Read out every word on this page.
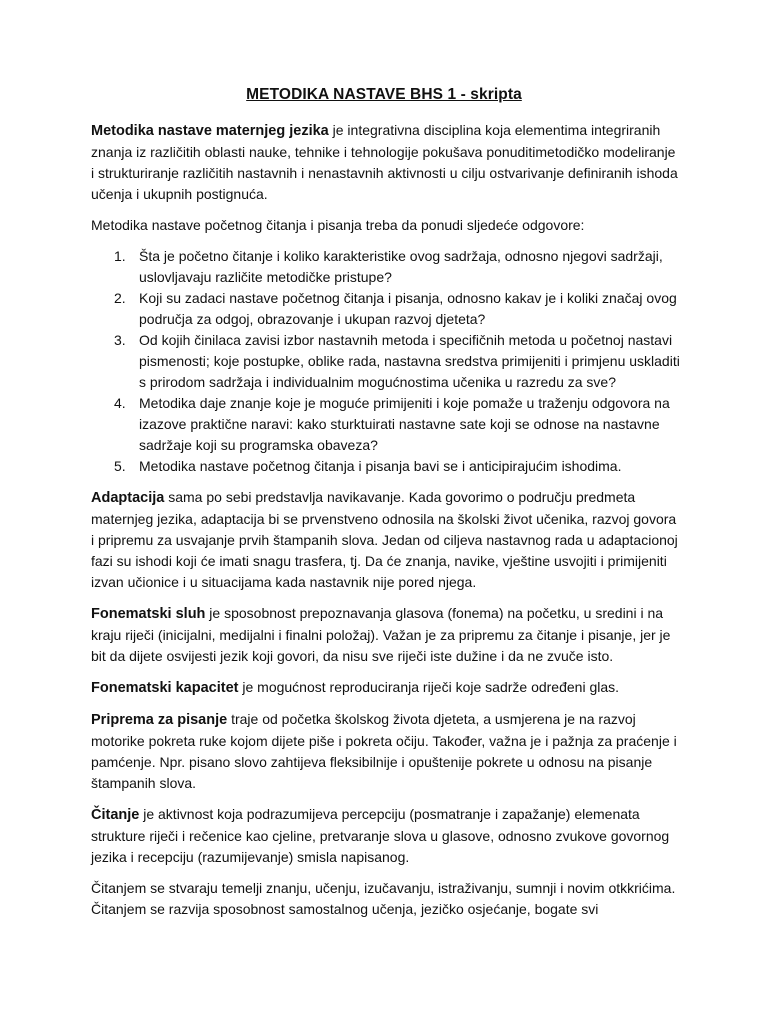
METODIKA NASTAVE BHS 1 - skripta

Metodika nastave maternjeg jezika je integrativna disciplina koja elementima integriranih znanja iz različitih oblasti nauke, tehnike i tehnologije pokušava ponuditimetodičko modeliranje i strukturiranje različitih nastavnih i nenastavnih aktivnosti u cilju ostvarivanje definiranih ishoda učenja i ukupnih postignuća.

Metodika nastave početnog čitanja i pisanja treba da ponudi sljedeće odgovore:

1. Šta je početno čitanje i koliko karakteristike ovog sadržaja, odnosno njegovi sadržaji, uslovljavaju različite metodičke pristupe?
2. Koji su zadaci nastave početnog čitanja i pisanja, odnosno kakav je i koliki značaj ovog područja za odgoj, obrazovanje i ukupan razvoj djeteta?
3. Od kojih činilaca zavisi izbor nastavnih metoda i specifičnih metoda u početnoj nastavi pismenosti; koje postupke, oblike rada, nastavna sredstva primijeniti i primjenu uskladiti s prirodom sadržaja i individualnim mogućnostima učenika u razredu za sve?
4. Metodika daje znanje koje je moguće primijeniti i koje pomaže u traženju odgovora na izazove praktične naravi: kako sturktuirati nastavne sate koji se odnose na nastavne sadržaje koji su programska obaveza?
5. Metodika nastave početnog čitanja i pisanja bavi se i anticipirajućim ishodima.

Adaptacija sama po sebi predstavlja navikavanje. Kada govorimo o području predmeta maternjeg jezika, adaptacija bi se prvenstveno odnosila na školski život učenika, razvoj govora i pripremu za usvajanje prvih štampanih slova. Jedan od ciljeva nastavnog rada u adaptacionoj fazi su ishodi koji će imati snagu trasfera, tj. Da će znanja, navike, vještine usvojiti i primijeniti izvan učionice i u situacijama kada nastavnik nije pored njega.

Fonematski sluh je sposobnost prepoznavanja glasova (fonema) na početku, u sredini i na kraju riječi (inicijalni, medijalni i finalni položaj). Važan je za pripremu za čitanje i pisanje, jer je bit da dijete osvijesti jezik koji govori, da nisu sve riječi iste dužine i da ne zvuče isto.

Fonematski kapacitet je mogućnost reproduciranja riječi koje sadrže određeni glas.

Priprema za pisanje traje od početka školskog života djeteta, a usmjerena je na razvoj motorike pokreta ruke kojom dijete piše i pokreta očiju. Također, važna je i pažnja za praćenje i pamćenje. Npr. pisano slovo zahtijeva fleksibilnije i opuštenije pokrete u odnosu na pisanje štampanih slova.

Čitanje je aktivnost koja podrazumijeva percepciju (posmatranje i zapažanje) elemenata strukture riječi i rečenice kao cjeline, pretvaranje slova u glasove, odnosno zvukove govornog jezika i recepciju (razumijevanje) smisla napisanog.

Čitanjem se stvaraju temelji znanju, učenju, izučavanju, istraživanju, sumnji i novim otkkrićima. Čitanjem se razvija sposobnost samostalnog učenja, jezičko osjećanje, bogate svi
